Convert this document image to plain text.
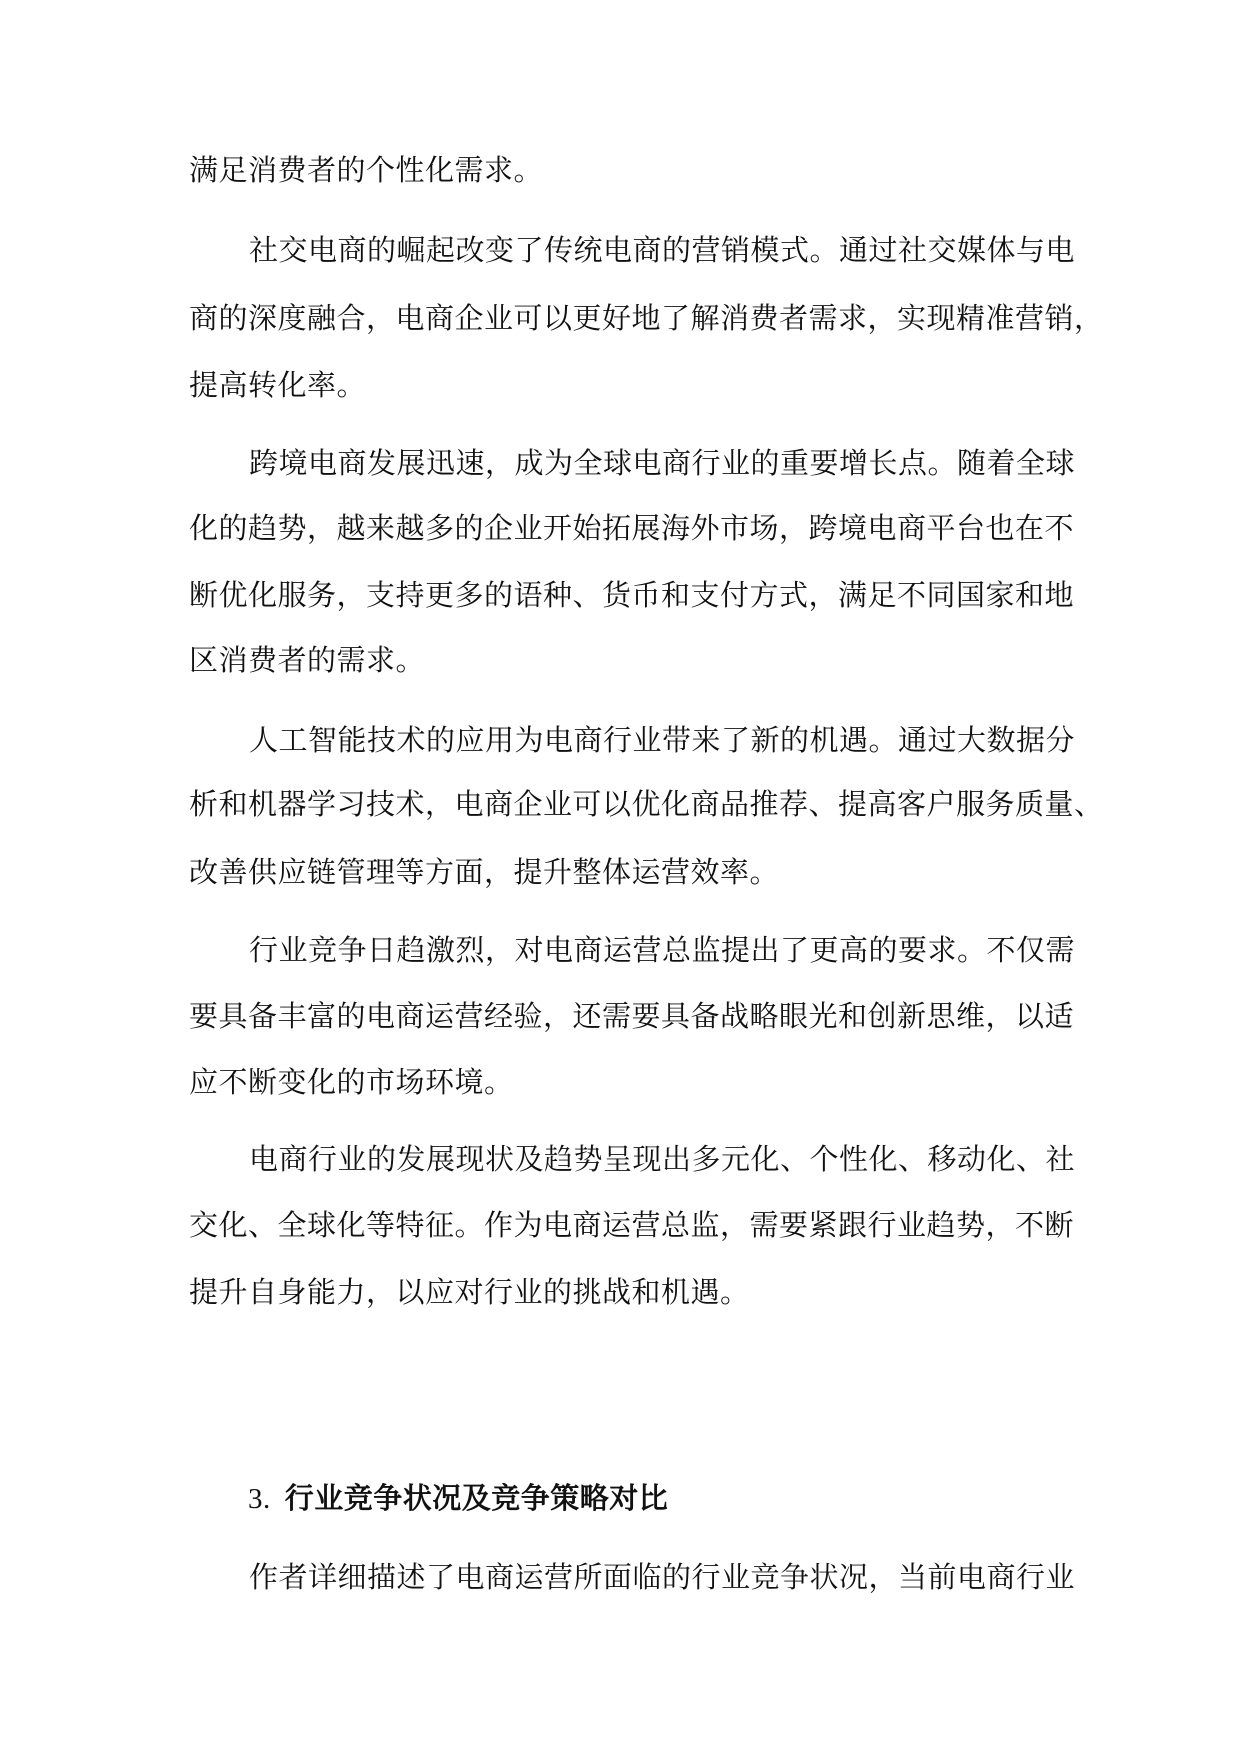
满足消费者的个性化需求。
社交电商的崛起改变了传统电商的营销模式。通过社交媒体与电
商的深度融合，电商企业可以更好地了解消费者需求，实现精准营销，
提高转化率。
跨境电商发展迅速，成为全球电商行业的重要增长点。随着全球
化的趋势，越来越多的企业开始拓展海外市场，跨境电商平台也在不
断优化服务，支持更多的语种、货币和支付方式，满足不同国家和地
区消费者的需求。
人工智能技术的应用为电商行业带来了新的机遇。通过大数据分
析和机器学习技术，电商企业可以优化商品推荐、提高客户服务质量、
改善供应链管理等方面，提升整体运营效率。
行业竞争日趋激烈，对电商运营总监提出了更高的要求。不仅需
要具备丰富的电商运营经验，还需要具备战略眼光和创新思维，以适
应不断变化的市场环境。
电商行业的发展现状及趋势呈现出多元化、个性化、移动化、社
交化、全球化等特征。作为电商运营总监，需要紧跟行业趋势，不断
提升自身能力，以应对行业的挑战和机遇。
3. 行业竞争状况及竞争策略对比
作者详细描述了电商运营所面临的行业竞争状况，当前电商行业
